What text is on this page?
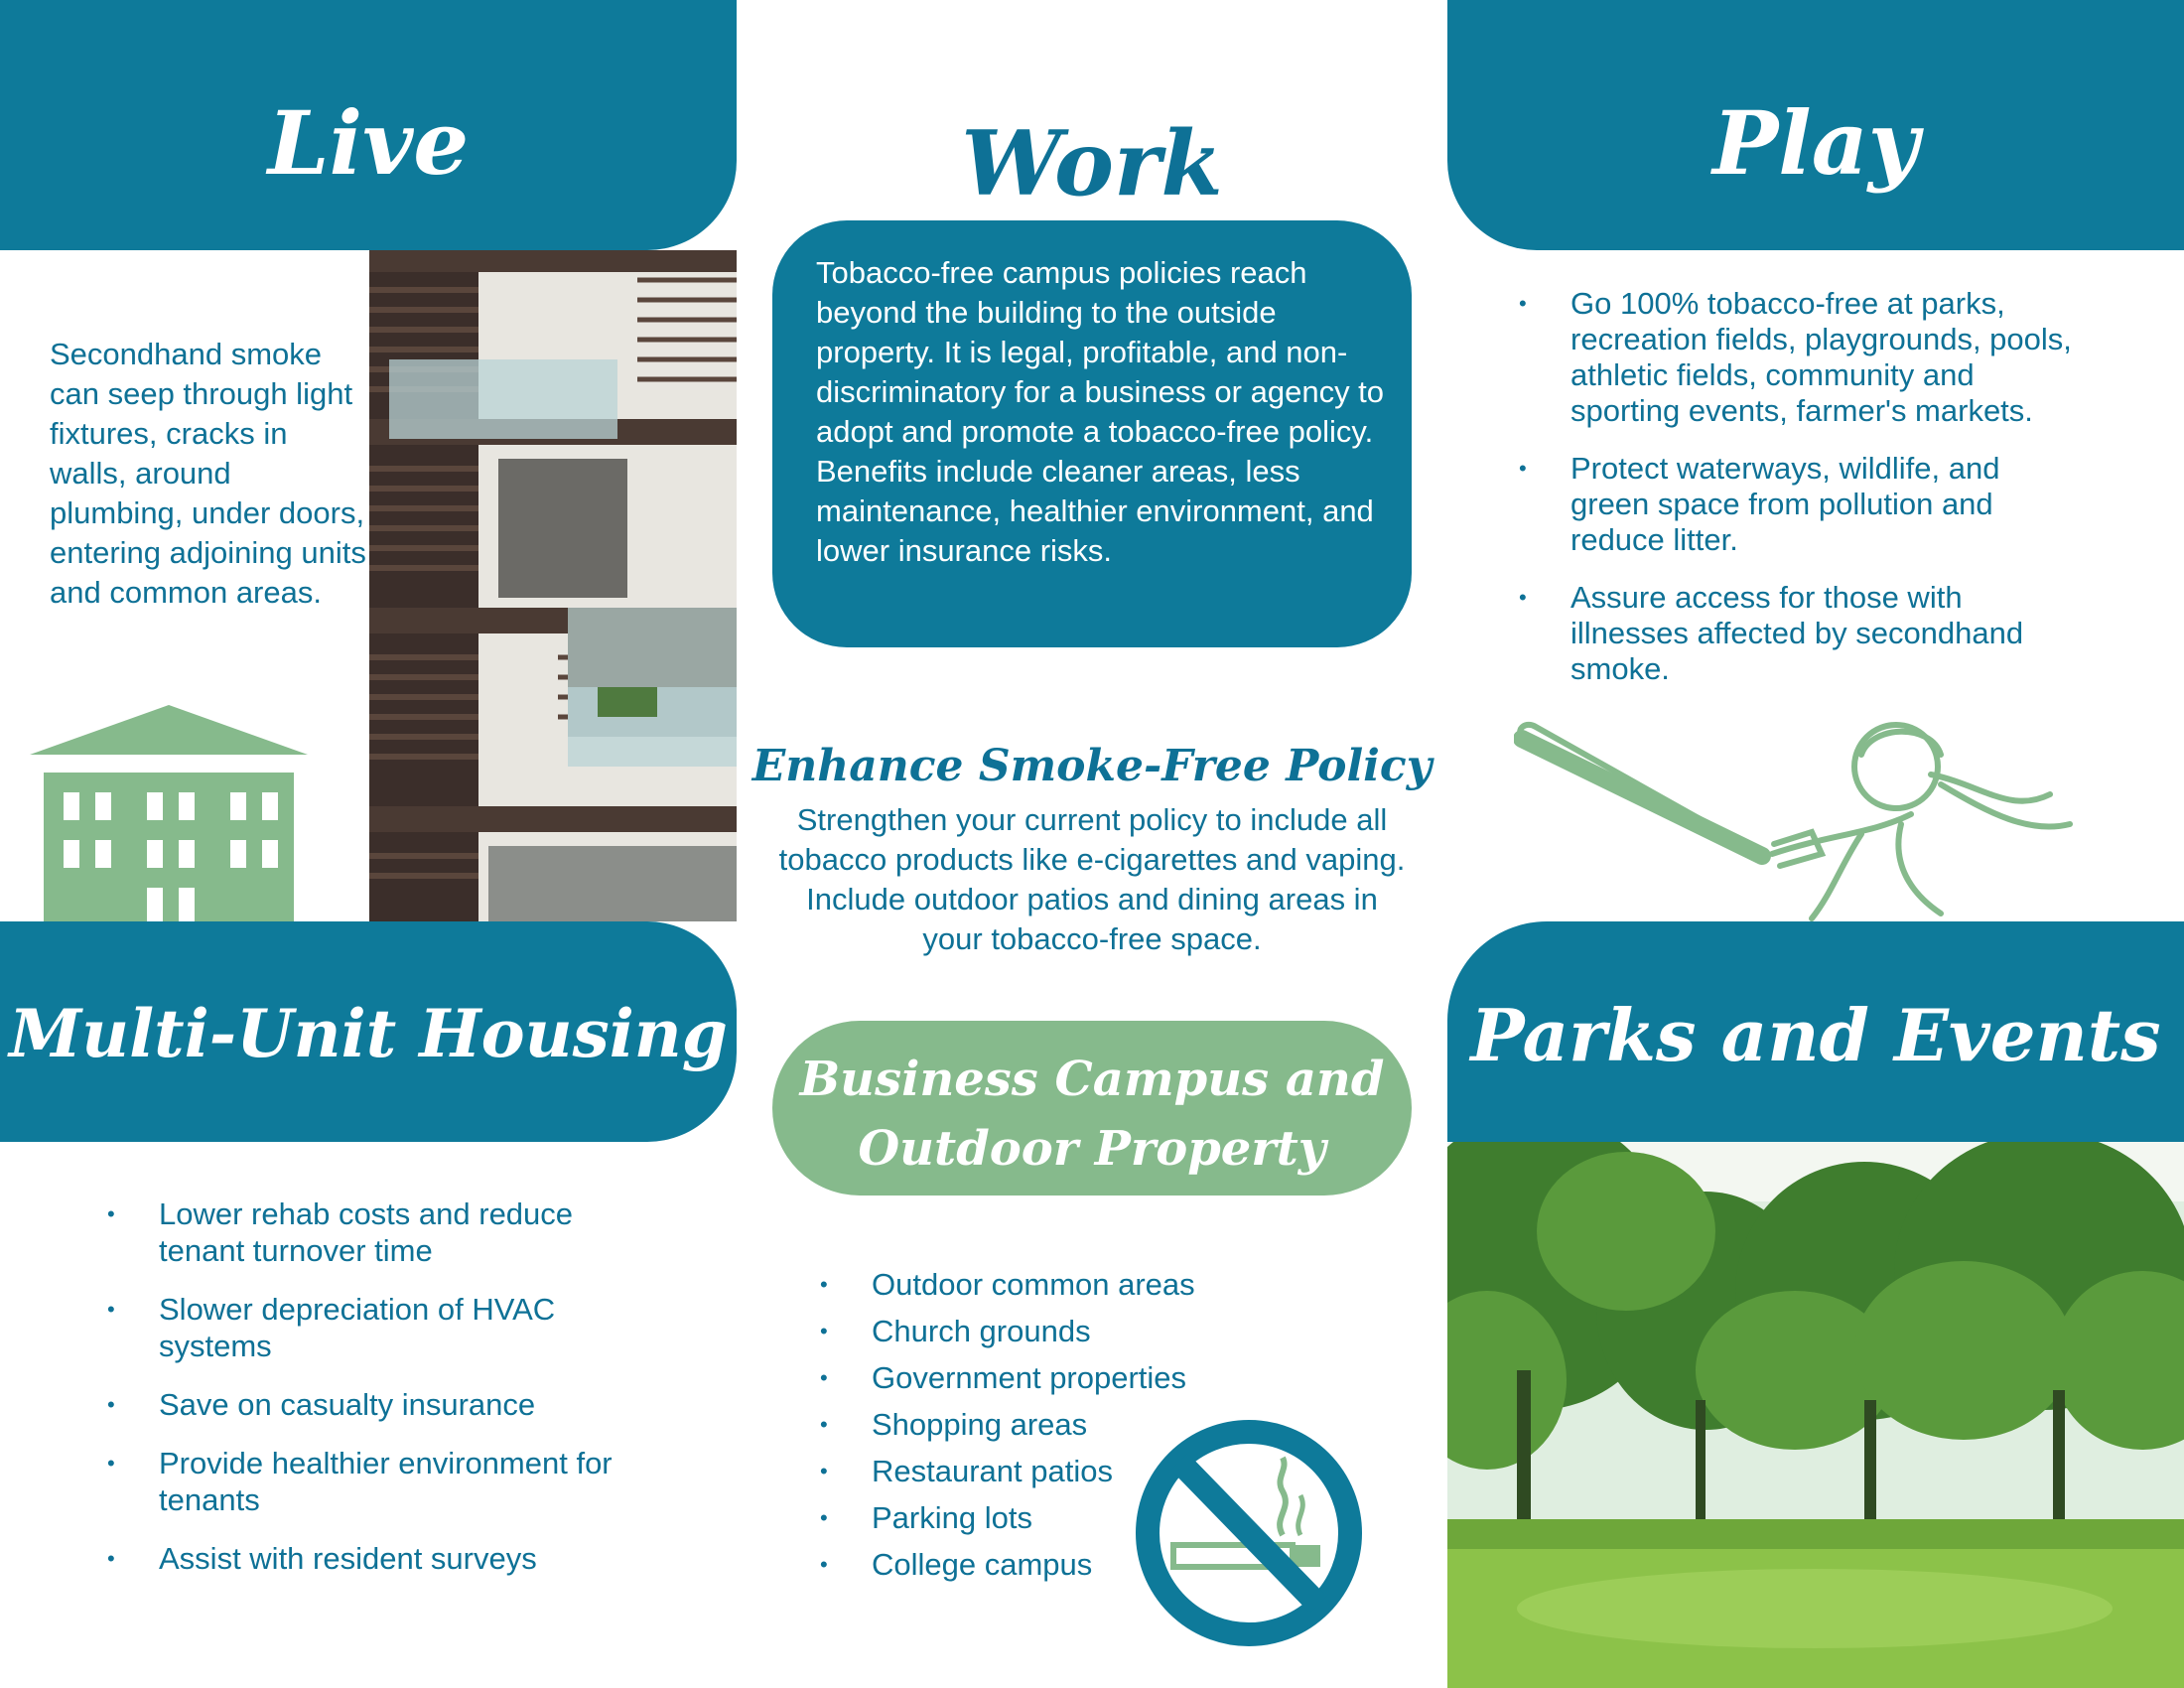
Live
Secondhand smoke can seep through light fixtures, cracks in walls, around plumbing, under doors, entering adjoining units and common areas.
Multi-Unit Housing
• Lower rehab costs and reduce tenant turnover time
• Slower depreciation of HVAC systems
• Save on casualty insurance
• Provide healthier environment for tenants
• Assist with resident surveys
Work
Tobacco-free campus policies reach beyond the building to the outside property. It is legal, profitable, and non-discriminatory for a business or agency to adopt and promote a tobacco-free policy. Benefits include cleaner areas, less maintenance, healthier environment, and lower insurance risks.
Enhance Smoke-Free Policy
Strengthen your current policy to include all tobacco products like e-cigarettes and vaping. Include outdoor patios and dining areas in your tobacco-free space.
Business Campus and
Outdoor Property
• Outdoor common areas
• Church grounds
• Government properties
• Shopping areas
• Restaurant patios
• Parking lots
• College campus
Play
• Go 100% tobacco-free at parks, recreation fields, playgrounds, pools, athletic fields, community and sporting events, farmer's markets.
• Protect waterways, wildlife, and green space from pollution and reduce litter.
• Assure access for those with illnesses affected by secondhand smoke.
Parks and Events
